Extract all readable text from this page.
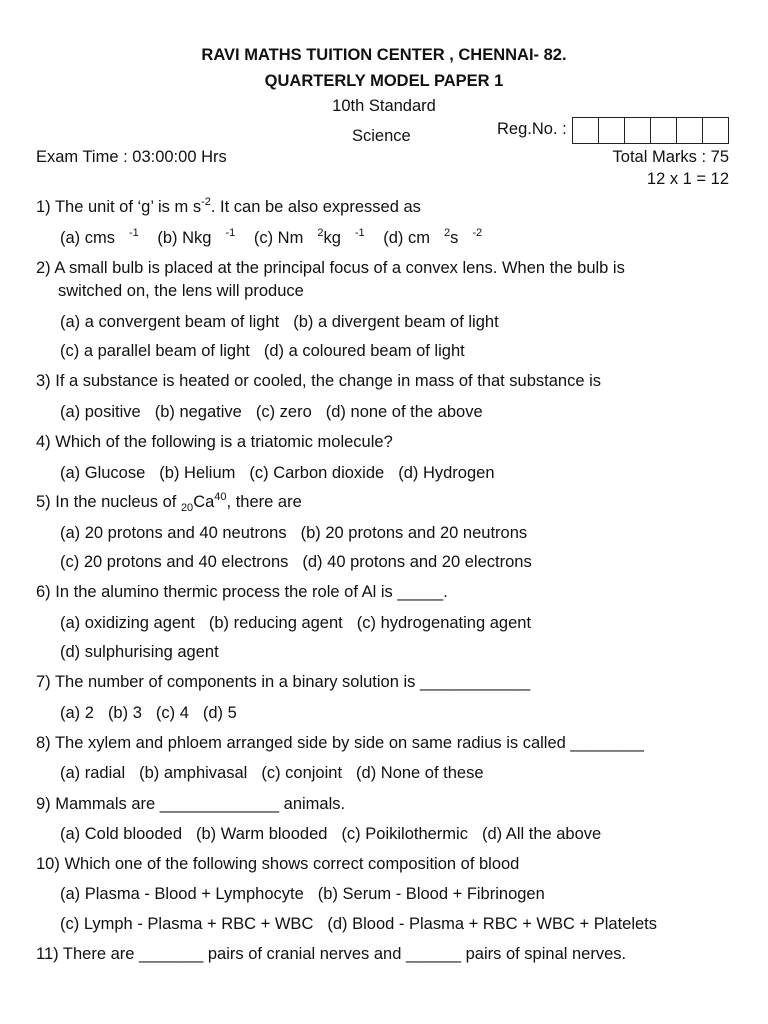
RAVI MATHS TUITION CENTER , CHENNAI- 82.
QUARTERLY MODEL PAPER 1
10th Standard
Science	Reg.No. :
Exam Time : 03:00:00 Hrs	Total Marks : 75
12 x 1 = 12
1) The unit of ‘g’ is m $s^{-2}$. It can be also expressed as
(a) cms $^{-1}$ (b) Nkg $^{-1}$ (c) Nm $^2$kg $^{-1}$ (d) cm $^2$s $^{-2}$
2) A small bulb is placed at the principal focus of a convex lens. When the bulb is
switched on, the lens will produce
(a) a convergent beam of light (b) a divergent beam of light
(c) a parallel beam of light (d) a coloured beam of light
3) If a substance is heated or cooled, the change in mass of that substance is
(a) positive (b) negative (c) zero (d) none of the above
4) Which of the following is a triatomic molecule?
(a) Glucose (b) Helium (c) Carbon dioxide (d) Hydrogen
5) In the nucleus of $_{20}Ca^{40}$, there are
(a) 20 protons and 40 neutrons (b) 20 protons and 20 neutrons
(c) 20 protons and 40 electrons (d) 40 protons and 20 electrons
6) In the alumino thermic process the role of Al is _____.
(a) oxidizing agent (b) reducing agent (c) hydrogenating agent
(d) sulphurising agent
7) The number of components in a binary solution is ____________
(a) 2 (b) 3 (c) 4 (d) 5
8) The xylem and phloem arranged side by side on same radius is called ________
(a) radial (b) amphivasal (c) conjoint (d) None of these
9) Mammals are _____________ animals.
(a) Cold blooded (b) Warm blooded (c) Poikilothermic (d) All the above
10) Which one of the following shows correct composition of blood
(a) Plasma - Blood + Lymphocyte (b) Serum - Blood + Fibrinogen
(c) Lymph - Plasma + RBC + WBC (d) Blood - Plasma + RBC + WBC + Platelets
11) There are _______ pairs of cranial nerves and ______ pairs of spinal nerves.
